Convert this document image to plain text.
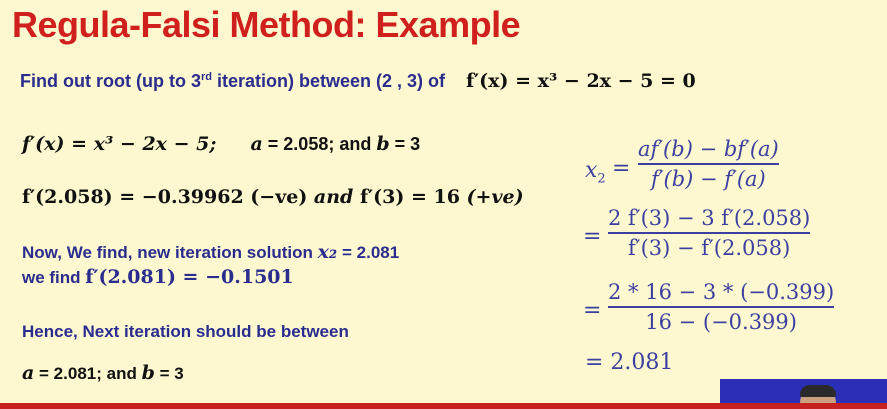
Regula-Falsi Method: Example
Find out root (up to 3rd iteration) between (2 , 3) of f′(x) = x³ − 2x − 5 = 0
f′(x) = x³ − 2x − 5; a = 2.058; and b = 3
f′(2.058) = −0.39962 (−ve) and f′(3) = 16 (+ve)
Now, We find, new iteration solution x₂ = 2.081
we find f′(2.081) = −0.1501
Hence, Next iteration should be between
a = 2.081; and b = 3
$x_2$ =
af′(b) − bf′(a)
f′(b) − f′(a)
=
2 f′(3) − 3 f′(2.058)
f′(3) − f′(2.058)
=
2 * 16 − 3 * (−0.399)
16 − (−0.399)
= 2.081
